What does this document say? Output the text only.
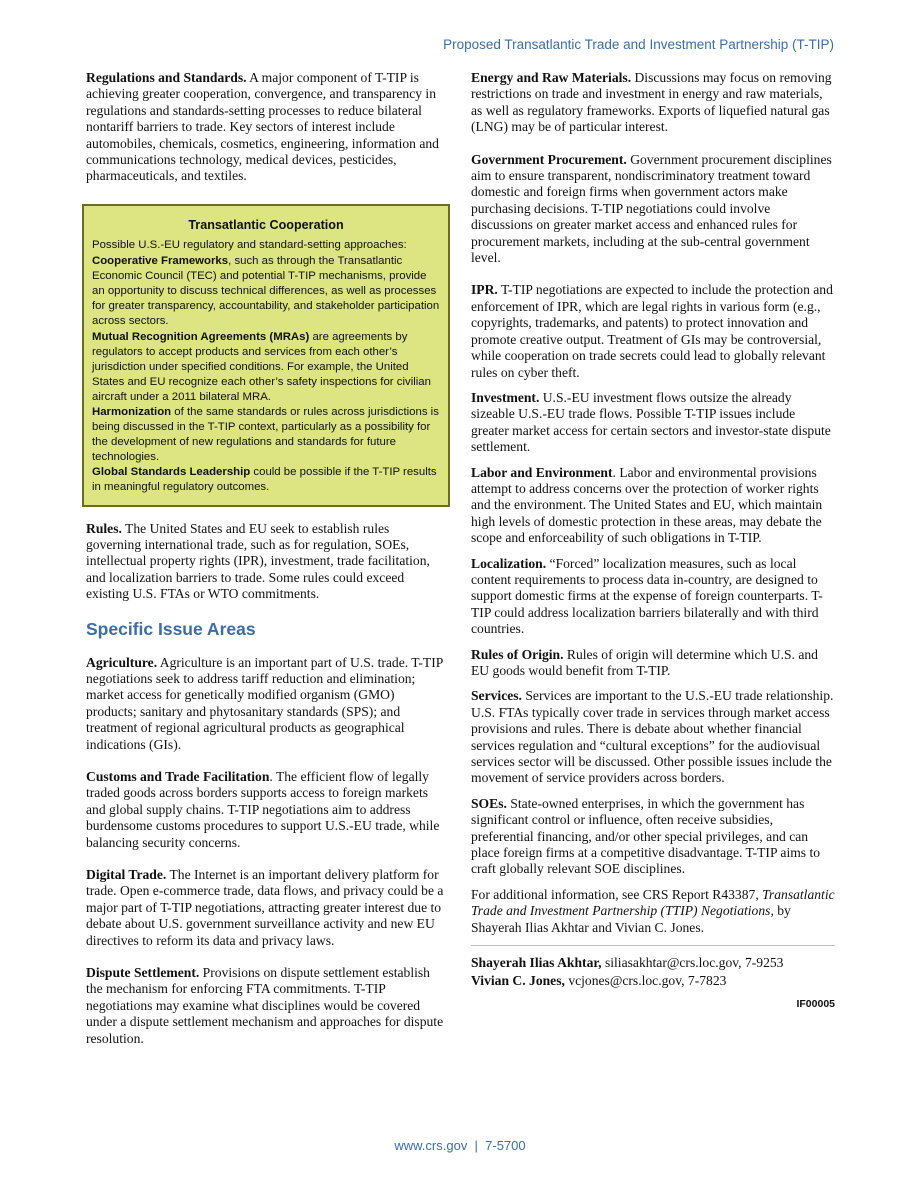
Proposed Transatlantic Trade and Investment Partnership (T-TIP)

Regulations and Standards. A major component of T-TIP is achieving greater cooperation, convergence, and transparency in regulations and standards-setting processes to reduce bilateral nontariff barriers to trade. Key sectors of interest include automobiles, chemicals, cosmetics, engineering, information and communications technology, medical devices, pesticides, pharmaceuticals, and textiles.

Transatlantic Cooperation
Possible U.S.-EU regulatory and standard-setting approaches:
Cooperative Frameworks, such as through the Transatlantic Economic Council (TEC) and potential T-TIP mechanisms, provide an opportunity to discuss technical differences, as well as processes for greater transparency, accountability, and stakeholder participation across sectors.
Mutual Recognition Agreements (MRAs) are agreements by regulators to accept products and services from each other’s jurisdiction under specified conditions. For example, the United States and EU recognize each other’s safety inspections for civilian aircraft under a 2011 bilateral MRA.
Harmonization of the same standards or rules across jurisdictions is being discussed in the T-TIP context, particularly as a possibility for the development of new regulations and standards for future technologies.
Global Standards Leadership could be possible if the T-TIP results in meaningful regulatory outcomes.

Rules. The United States and EU seek to establish rules governing international trade, such as for regulation, SOEs, intellectual property rights (IPR), investment, trade facilitation, and localization barriers to trade. Some rules could exceed existing U.S. FTAs or WTO commitments.

Specific Issue Areas

Agriculture. Agriculture is an important part of U.S. trade. T-TIP negotiations seek to address tariff reduction and elimination; market access for genetically modified organism (GMO) products; sanitary and phytosanitary standards (SPS); and treatment of regional agricultural products as geographical indications (GIs).

Customs and Trade Facilitation. The efficient flow of legally traded goods across borders supports access to foreign markets and global supply chains. T-TIP negotiations aim to address burdensome customs procedures to support U.S.-EU trade, while balancing security concerns.

Digital Trade. The Internet is an important delivery platform for trade. Open e-commerce trade, data flows, and privacy could be a major part of T-TIP negotiations, attracting greater interest due to debate about U.S. government surveillance activity and new EU directives to reform its data and privacy laws.

Dispute Settlement. Provisions on dispute settlement establish the mechanism for enforcing FTA commitments. T-TIP negotiations may examine what disciplines would be covered under a dispute settlement mechanism and approaches for dispute resolution.

Energy and Raw Materials. Discussions may focus on removing restrictions on trade and investment in energy and raw materials, as well as regulatory frameworks. Exports of liquefied natural gas (LNG) may be of particular interest.

Government Procurement. Government procurement disciplines aim to ensure transparent, nondiscriminatory treatment toward domestic and foreign firms when government actors make purchasing decisions. T-TIP negotiations could involve discussions on greater market access and enhanced rules for procurement markets, including at the sub-central government level.

IPR. T-TIP negotiations are expected to include the protection and enforcement of IPR, which are legal rights in various form (e.g., copyrights, trademarks, and patents) to protect innovation and promote creative output. Treatment of GIs may be controversial, while cooperation on trade secrets could lead to globally relevant rules on cyber theft.

Investment. U.S.-EU investment flows outsize the already sizeable U.S.-EU trade flows. Possible T-TIP issues include greater market access for certain sectors and investor-state dispute settlement.

Labor and Environment. Labor and environmental provisions attempt to address concerns over the protection of worker rights and the environment. The United States and EU, which maintain high levels of domestic protection in these areas, may debate the scope and enforceability of such obligations in T-TIP.

Localization. “Forced” localization measures, such as local content requirements to process data in-country, are designed to support domestic firms at the expense of foreign counterparts. T-TIP could address localization barriers bilaterally and with third countries.

Rules of Origin. Rules of origin will determine which U.S. and EU goods would benefit from T-TIP.

Services. Services are important to the U.S.-EU trade relationship. U.S. FTAs typically cover trade in services through market access provisions and rules. There is debate about whether financial services regulation and “cultural exceptions” for the audiovisual services sector will be discussed. Other possible issues include the movement of service providers across borders.

SOEs. State-owned enterprises, in which the government has significant control or influence, often receive subsidies, preferential financing, and/or other special privileges, and can place foreign firms at a competitive disadvantage. T-TIP aims to craft globally relevant SOE disciplines.

For additional information, see CRS Report R43387, Transatlantic Trade and Investment Partnership (TTIP) Negotiations, by Shayerah Ilias Akhtar and Vivian C. Jones.

Shayerah Ilias Akhtar, siliasakhtar@crs.loc.gov, 7-9253
Vivian C. Jones, vcjones@crs.loc.gov, 7-7823
IF00005
www.crs.gov  |  7-5700
